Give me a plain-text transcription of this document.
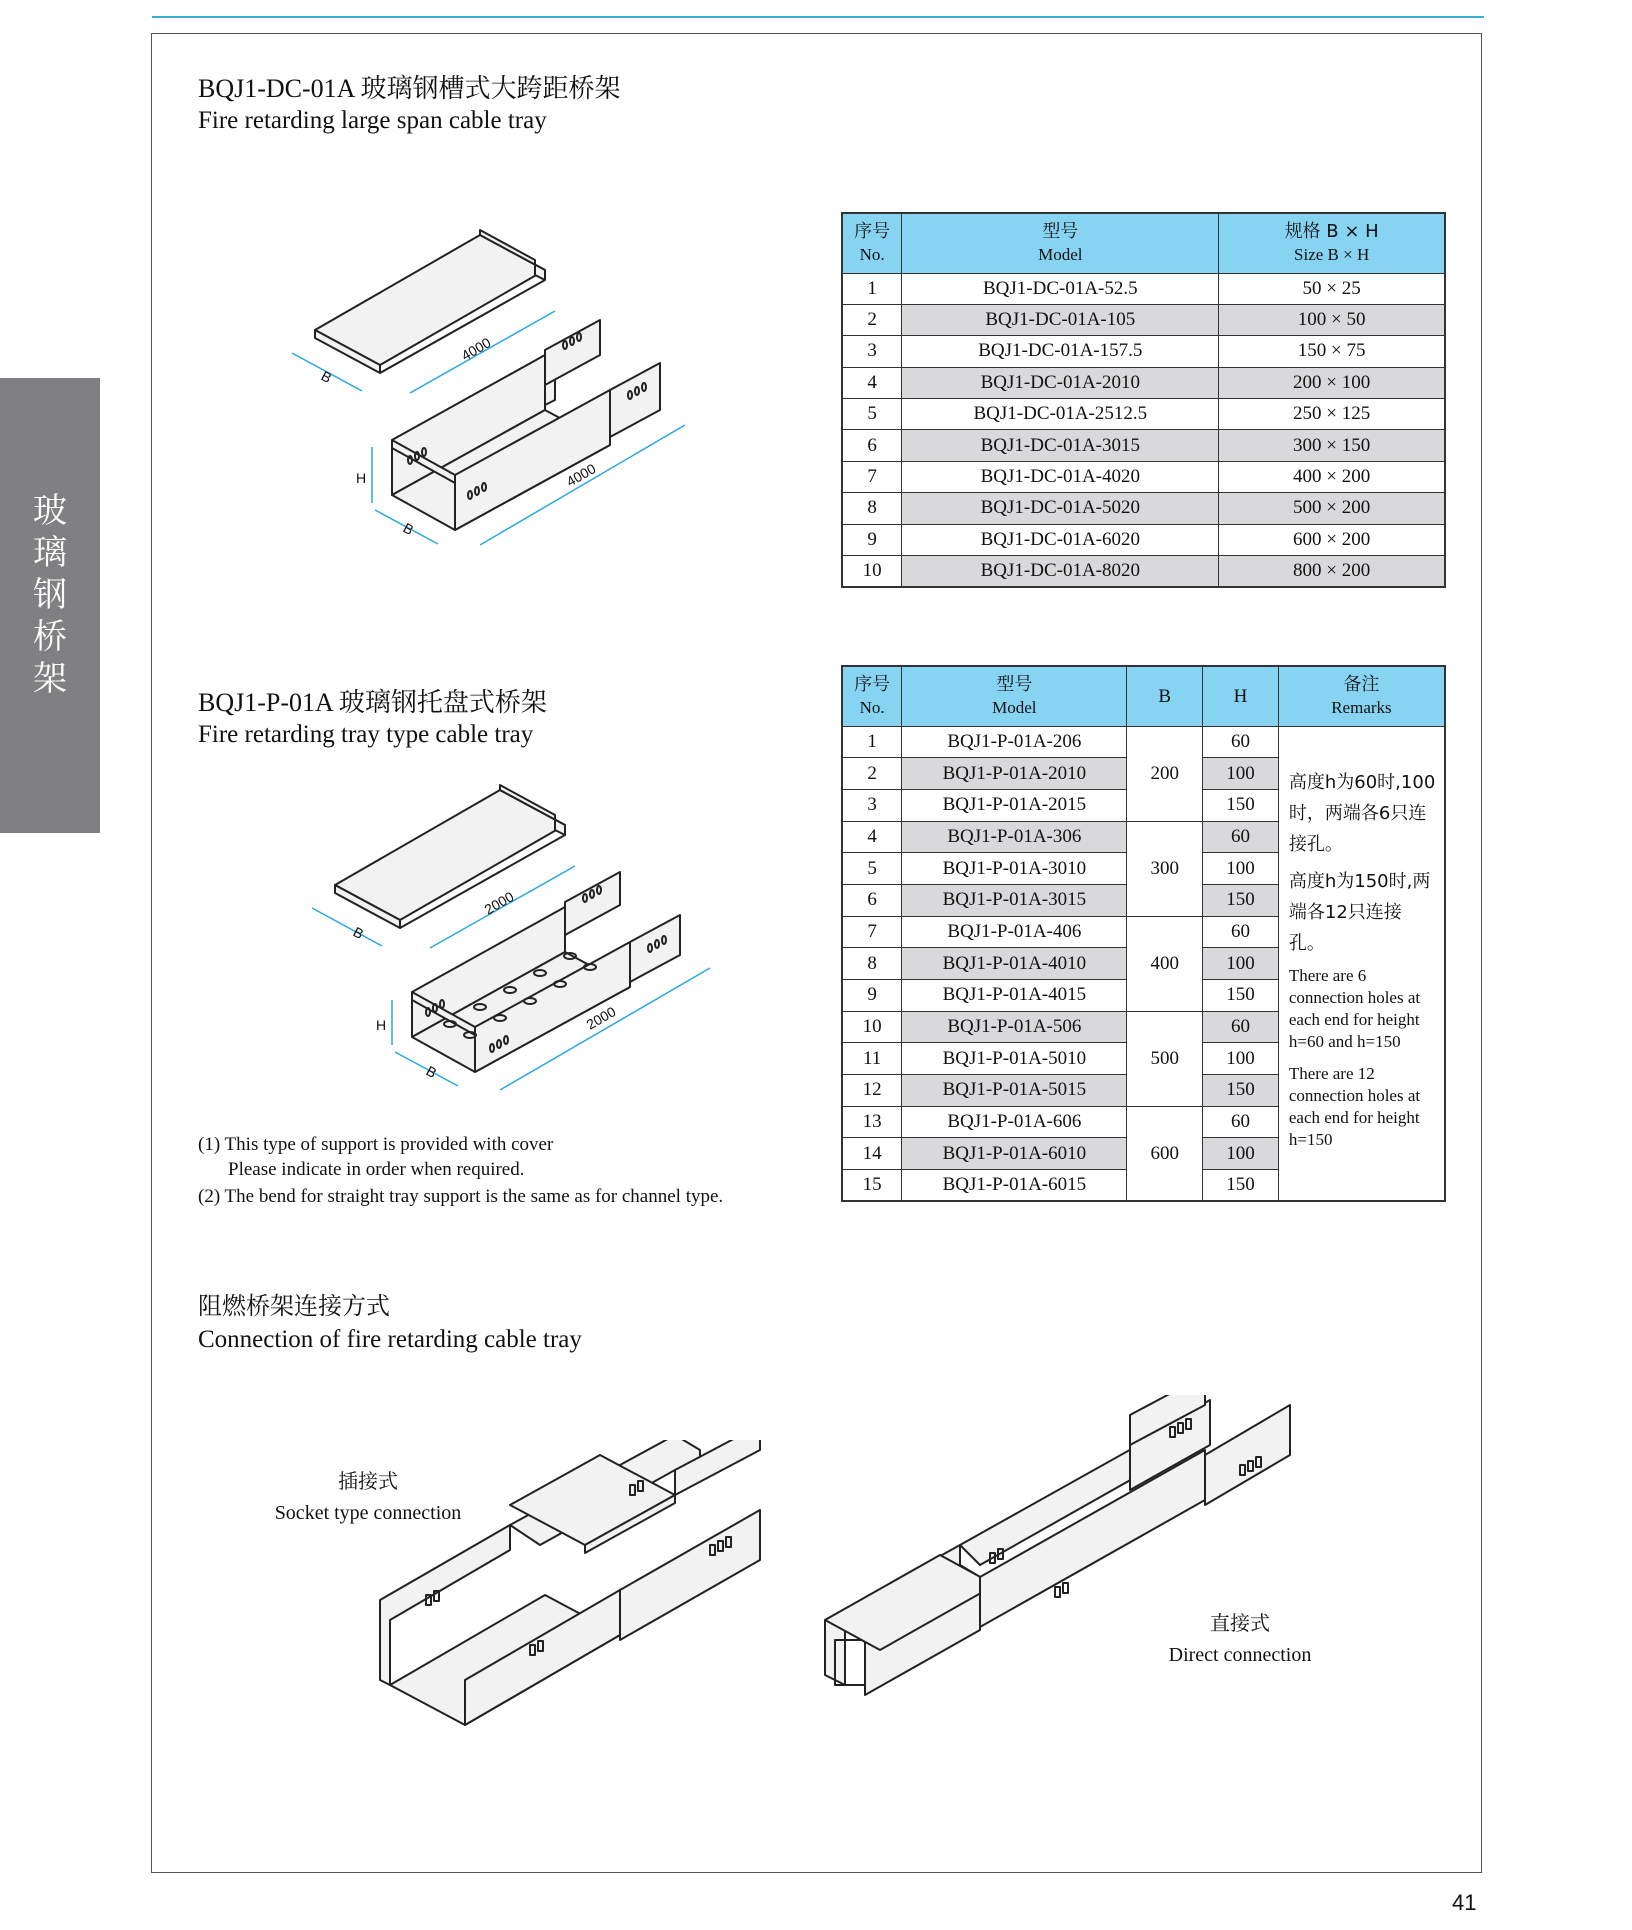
玻璃钢桥架
BQJ1-DC-01A 玻璃钢槽式大跨距桥架
Fire retarding large span cable tray
B
4000
H
B
4000
序号
No.	型号
Model	规格 B × H
Size B × H
1	BQJ1-DC-01A-52.5	50 × 25
2	BQJ1-DC-01A-105	100 × 50
3	BQJ1-DC-01A-157.5	150 × 75
4	BQJ1-DC-01A-2010	200 × 100
5	BQJ1-DC-01A-2512.5	250 × 125
6	BQJ1-DC-01A-3015	300 × 150
7	BQJ1-DC-01A-4020	400 × 200
8	BQJ1-DC-01A-5020	500 × 200
9	BQJ1-DC-01A-6020	600 × 200
10	BQJ1-DC-01A-8020	800 × 200
BQJ1-P-01A 玻璃钢托盘式桥架
Fire retarding tray type cable tray
B
2000
H
B
2000
(1) This type of support is provided with cover
Please indicate in order when required.
(2) The bend for straight tray support is the same as for channel type.
序号
No.	型号
Model	B	H	备注
Remarks
1	BQJ1-P-01A-206	200	60	高度h为60时,100时，两端各6只连接孔。
高度h为150时,两端各12只连接孔。
There are 6 connection holes at each end for height h=60 and h=150
There are 12 connection holes at each end for height h=150

2	BQJ1-P-01A-2010		100	
3	BQJ1-P-01A-2015		150	
4	BQJ1-P-01A-306	300	60	
5	BQJ1-P-01A-3010		100	
6	BQJ1-P-01A-3015		150	
7	BQJ1-P-01A-406	400	60	
8	BQJ1-P-01A-4010		100	
9	BQJ1-P-01A-4015		150	
10	BQJ1-P-01A-506	500	60	
11	BQJ1-P-01A-5010		100	
12	BQJ1-P-01A-5015		150	
13	BQJ1-P-01A-606	600	60	
14	BQJ1-P-01A-6010		100	
15	BQJ1-P-01A-6015		150	
阻燃桥架连接方式
Connection of fire retarding cable tray
插接式
Socket type connection
直接式
Direct connection
41
